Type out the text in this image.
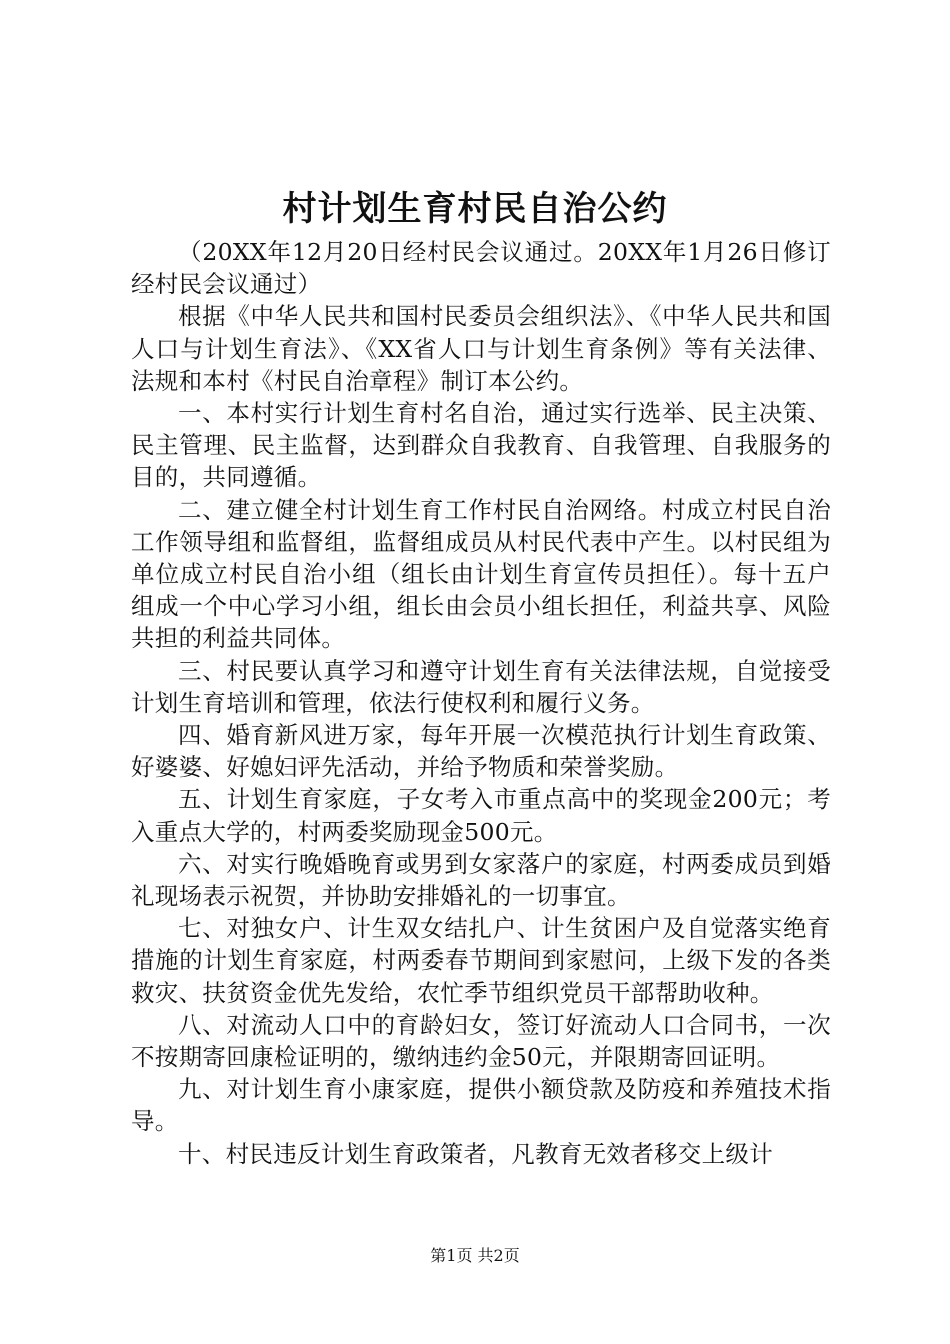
村计划生育村民自治公约

（20XX年12月20日经村民会议通过。20XX年1月26日修订经村民会议通过）

根据《中华人民共和国村民委员会组织法》、《中华人民共和国人口与计划生育法》、《XX省人口与计划生育条例》等有关法律、法规和本村《村民自治章程》制订本公约。

一、本村实行计划生育村名自治，通过实行选举、民主决策、民主管理、民主监督，达到群众自我教育、自我管理、自我服务的目的，共同遵循。

二、建立健全村计划生育工作村民自治网络。村成立村民自治工作领导组和监督组，监督组成员从村民代表中产生。以村民组为单位成立村民自治小组（组长由计划生育宣传员担任）。每十五户组成一个中心学习小组，组长由会员小组长担任，利益共享、风险共担的利益共同体。

三、村民要认真学习和遵守计划生育有关法律法规，自觉接受计划生育培训和管理，依法行使权利和履行义务。

四、婚育新风进万家，每年开展一次模范执行计划生育政策、好婆婆、好媳妇评先活动，并给予物质和荣誉奖励。

五、计划生育家庭，子女考入市重点高中的奖现金200元；考入重点大学的，村两委奖励现金500元。

六、对实行晚婚晚育或男到女家落户的家庭，村两委成员到婚礼现场表示祝贺，并协助安排婚礼的一切事宜。

七、对独女户、计生双女结扎户、计生贫困户及自觉落实绝育措施的计划生育家庭，村两委春节期间到家慰问，上级下发的各类救灾、扶贫资金优先发给，农忙季节组织党员干部帮助收种。

八、对流动人口中的育龄妇女，签订好流动人口合同书，一次不按期寄回康检证明的，缴纳违约金50元，并限期寄回证明。

九、对计划生育小康家庭，提供小额贷款及防疫和养殖技术指导。

十、村民违反计划生育政策者，凡教育无效者移交上级计

第1页 共2页
